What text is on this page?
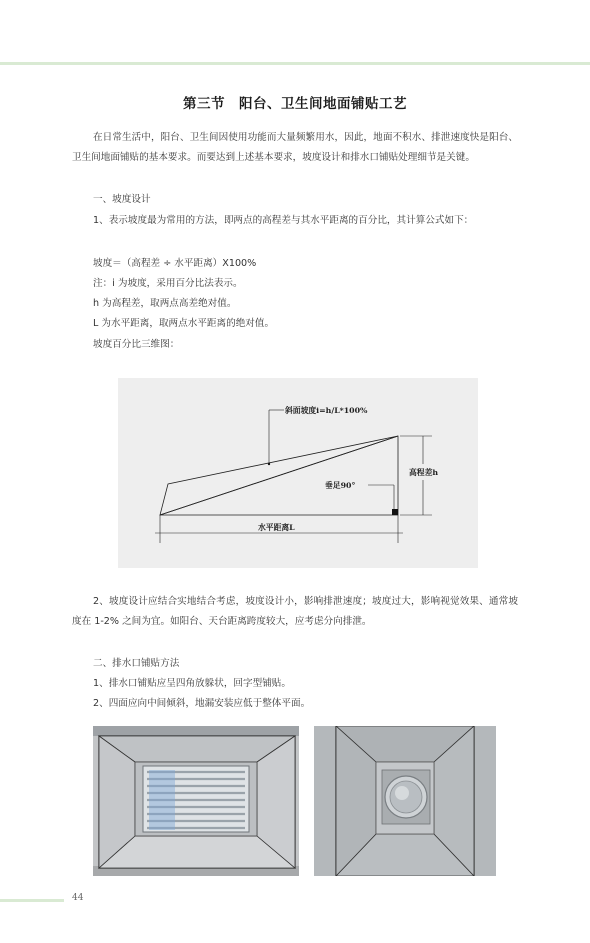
第三节　阳台、卫生间地面铺贴工艺
在日常生活中，阳台、卫生间因使用功能而大量频繁用水，因此，地面不积水、排泄速度快是阳台、卫生间地面铺贴的基本要求。而要达到上述基本要求，坡度设计和排水口铺贴处理细节是关键。
一、坡度设计
1、表示坡度最为常用的方法，即两点的高程差与其水平距离的百分比，其计算公式如下：
坡度＝（高程差 ÷ 水平距离）X100%
注：i 为坡度，采用百分比法表示。
h 为高程差，取两点高差绝对值。
L 为水平距离，取两点水平距离的绝对值。
坡度百分比三维图：
斜面坡度i=h/L*100%
垂足90°
高程差h
水平距离L
2、坡度设计应结合实地结合考虑，坡度设计小，影响排泄速度；坡度过大，影响视觉效果、通常坡度在 1-2% 之间为宜。如阳台、天台距离跨度较大，应考虑分向排泄。
二、排水口铺贴方法
1、排水口铺贴应呈四角放躲状，回字型铺贴。
2、四面应向中间倾斜，地漏安装应低于整体平面。
44
